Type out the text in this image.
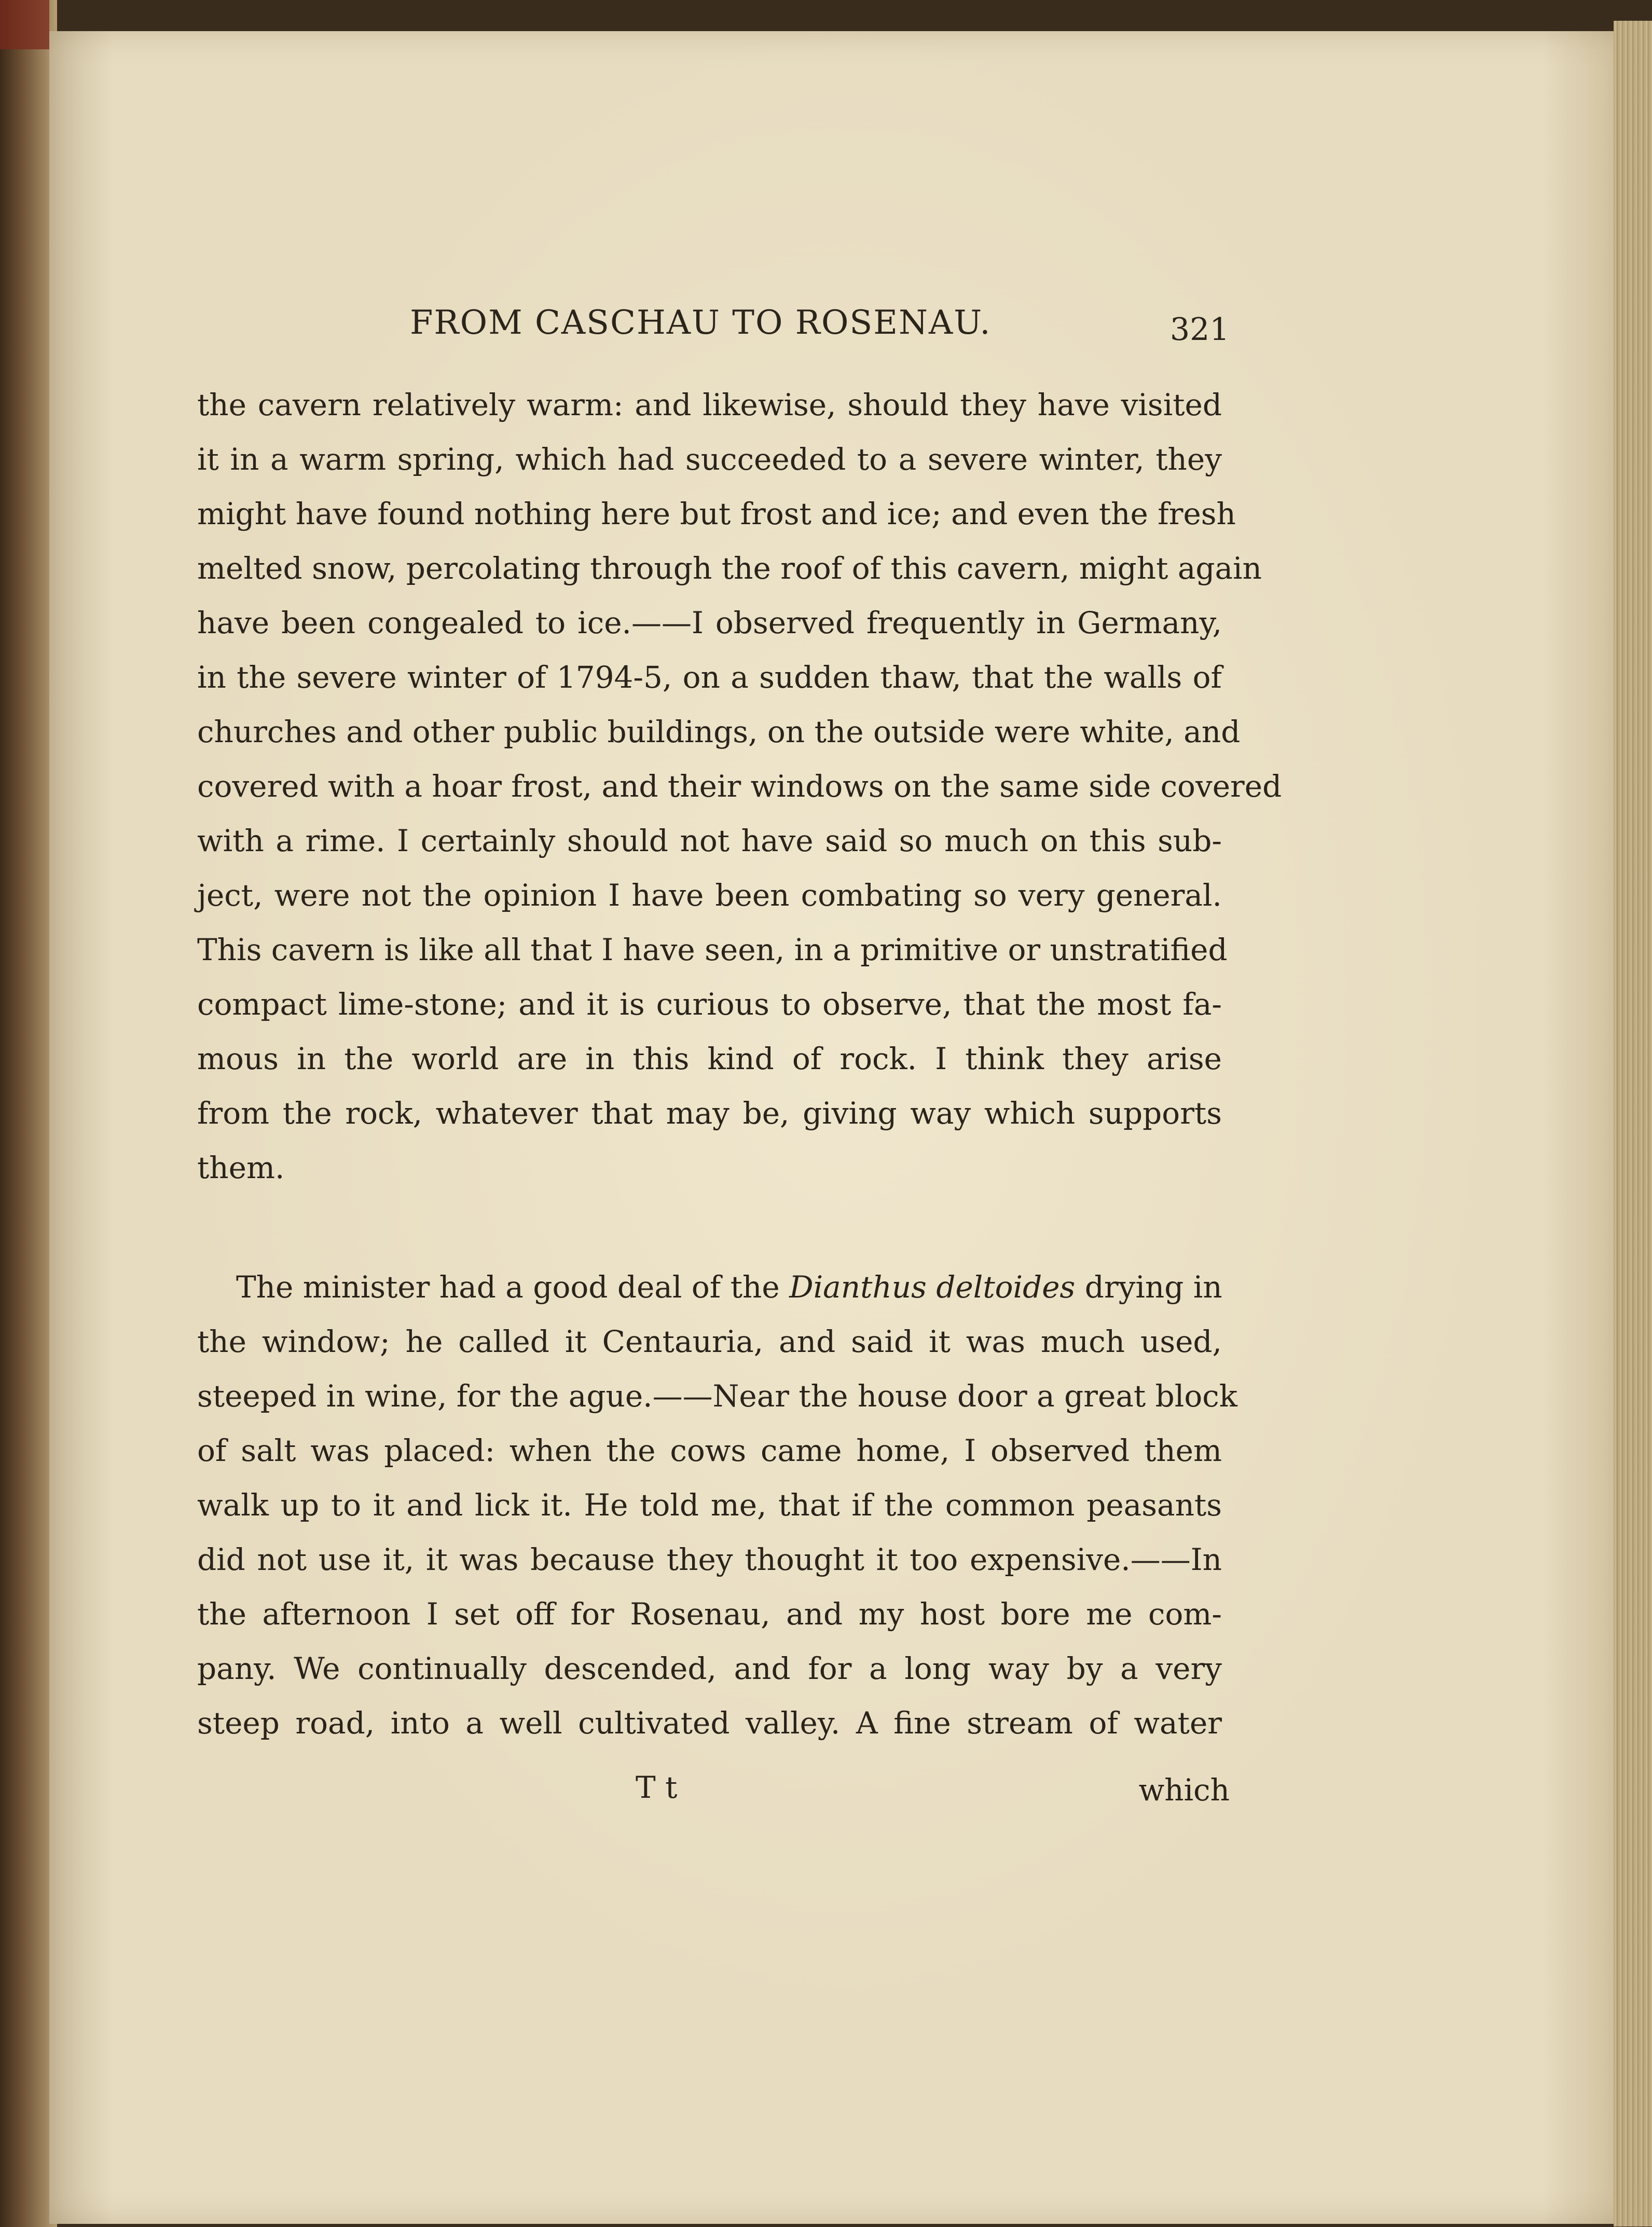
FROM CASCHAU TO ROSENAU.	321
the cavern relatively warm: and likewise, should they have visited
it in a warm spring, which had succeeded to a severe winter, they
might have found nothing here but frost and ice; and even the fresh
melted snow, percolating through the roof of this cavern, might again
have been congealed to ice.——I observed frequently in Germany,
in the severe winter of 1794-5, on a sudden thaw, that the walls of
churches and other public buildings, on the outside were white, and
covered with a hoar frost, and their windows on the same side covered
with a rime. I certainly should not have said so much on this sub-
ject, were not the opinion I have been combating so very general.
This cavern is like all that I have seen, in a primitive or unstratified
compact lime-stone; and it is curious to observe, that the most fa-
mous in the world are in this kind of rock. I think they arise
from the rock, whatever that may be, giving way which supports
them.
The minister had a good deal of the Dianthus deltoides drying in
the window; he called it Centauria, and said it was much used,
steeped in wine, for the ague.——Near the house door a great block
of salt was placed: when the cows came home, I observed them
walk up to it and lick it. He told me, that if the common peasants
did not use it, it was because they thought it too expensive.——In
the afternoon I set off for Rosenau, and my host bore me com-
pany. We continually descended, and for a long way by a very
steep road, into a well cultivated valley. A fine stream of water
T t	which
